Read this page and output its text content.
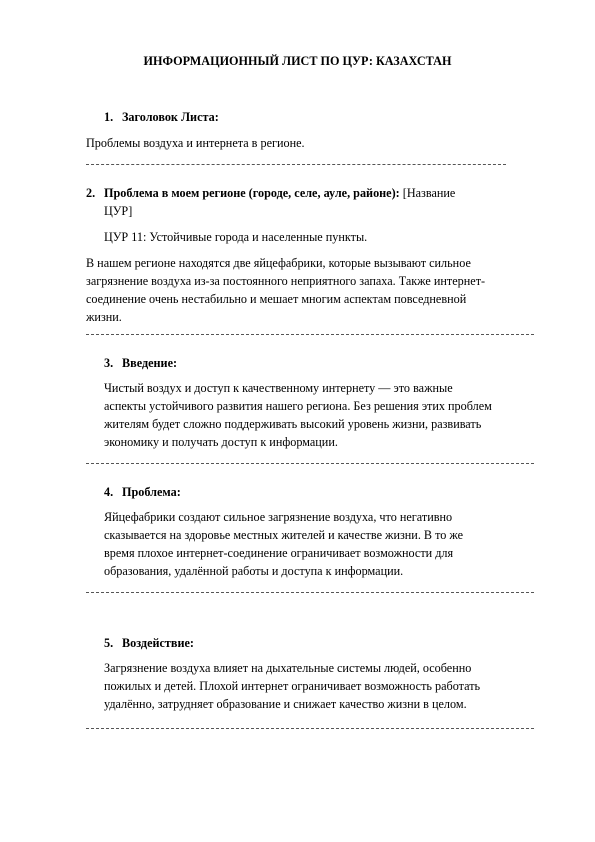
ИНФОРМАЦИОННЫЙ ЛИСТ ПО ЦУР: КАЗАХСТАН
1. Заголовок Листа:

Проблемы воздуха и интернета в регионе.

2. Проблема в моем регионе (городе, селе, ауле, районе): [Название
ЦУР]

ЦУР 11: Устойчивые города и населенные пункты.

В нашем регионе находятся две яйцефабрики, которые вызывают сильное
загрязнение воздуха из-за постоянного неприятного запаха. Также интернет-
соединение очень нестабильно и мешает многим аспектам повседневной
жизни.

3. Введение:

Чистый воздух и доступ к качественному интернету — это важные
аспекты устойчивого развития нашего региона. Без решения этих проблем
жителям будет сложно поддерживать высокий уровень жизни, развивать
экономику и получать доступ к информации.

4. Проблема:

Яйцефабрики создают сильное загрязнение воздуха, что негативно
сказывается на здоровье местных жителей и качестве жизни. В то же
время плохое интернет-соединение ограничивает возможности для
образования, удалённой работы и доступа к информации.

5. Воздействие:

Загрязнение воздуха влияет на дыхательные системы людей, особенно
пожилых и детей. Плохой интернет ограничивает возможность работать
удалённо, затрудняет образование и снижает качество жизни в целом.
